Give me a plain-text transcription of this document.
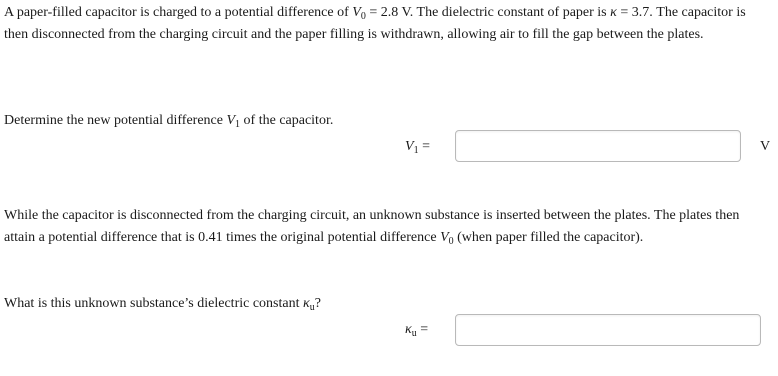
A paper-filled capacitor is charged to a potential difference of $V_0 = 2.8$ V. The dielectric constant of paper is κ = 3.7. The capacitor is then disconnected from the charging circuit and the paper filling is withdrawn, allowing air to fill the gap between the plates.

Determine the new potential difference $V_1$ of the capacitor.

$V_1$ =	V

While the capacitor is disconnected from the charging circuit, an unknown substance is inserted between the plates. The plates then attain a potential difference that is 0.41 times the original potential difference $V_0$ (when paper filled the capacitor).

What is this unknown substance’s dielectric constant $\kappa_u$?

$\kappa_u$ =
